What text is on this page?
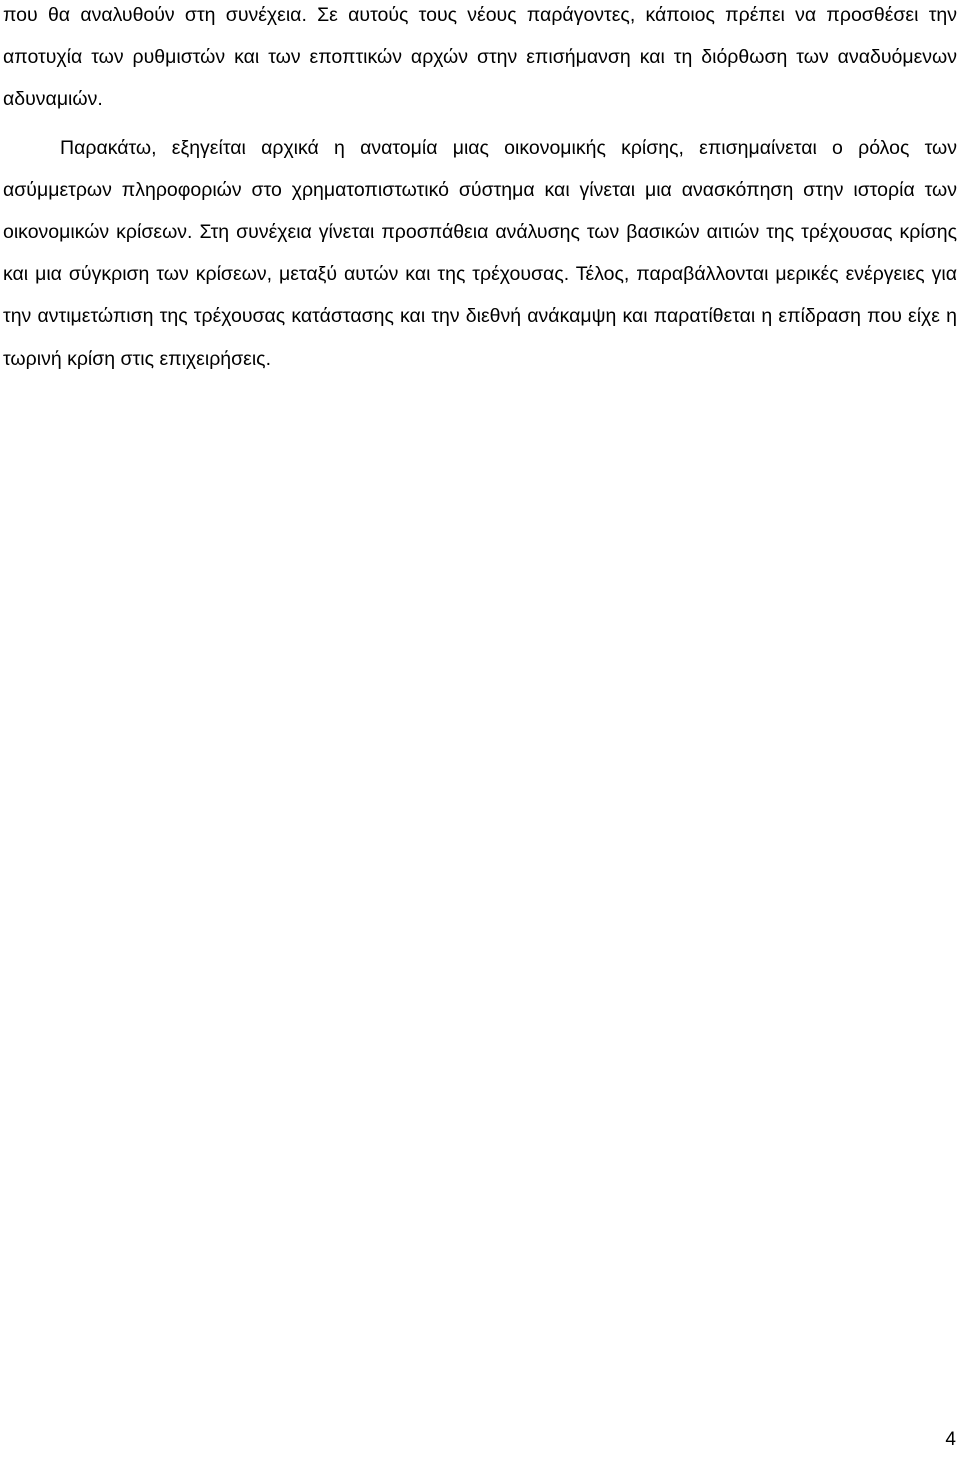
που θα αναλυθούν στη συνέχεια. Σε αυτούς τους νέους παράγοντες, κάποιος πρέπει να προσθέσει την αποτυχία των ρυθμιστών και των εποπτικών αρχών στην επισήμανση και τη διόρθωση των αναδυόμενων αδυναμιών.

Παρακάτω, εξηγείται αρχικά η ανατομία μιας οικονομικής κρίσης, επισημαίνεται ο ρόλος των ασύμμετρων πληροφοριών στο χρηματοπιστωτικό σύστημα και γίνεται μια ανασκόπηση στην ιστορία των οικονομικών κρίσεων. Στη συνέχεια γίνεται προσπάθεια ανάλυσης των βασικών αιτιών της τρέχουσας κρίσης και μια σύγκριση των κρίσεων, μεταξύ αυτών και της τρέχουσας. Τέλος, παραβάλλονται μερικές ενέργειες για την αντιμετώπιση της τρέχουσας κατάστασης και την διεθνή ανάκαμψη και παρατίθεται η επίδραση που είχε η τωρινή κρίση στις επιχειρήσεις.

4
